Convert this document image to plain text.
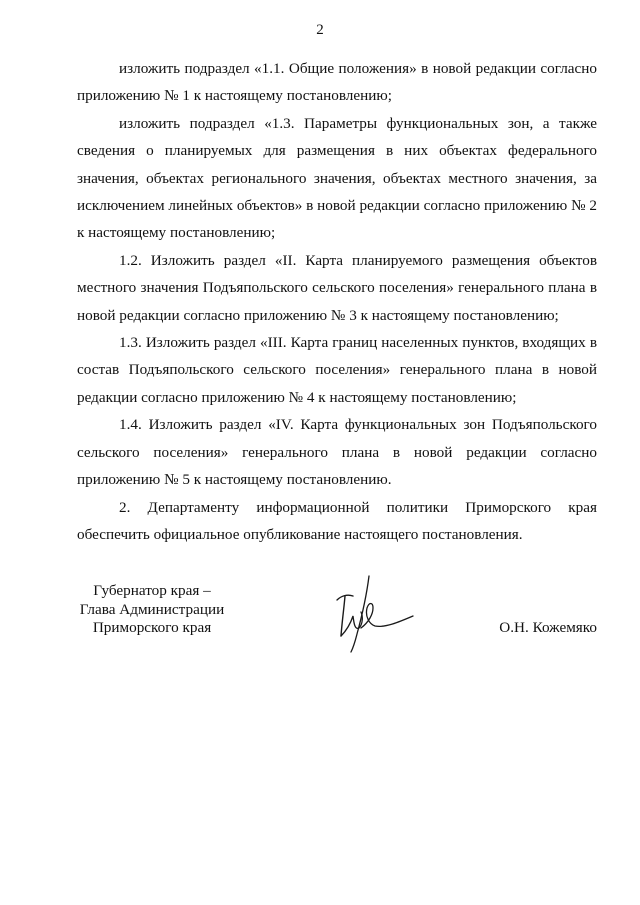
2

изложить подраздел «1.1. Общие положения» в новой редакции согласно приложению № 1 к настоящему постановлению;

изложить подраздел «1.3. Параметры функциональных зон, а также сведения о планируемых для размещения в них объектах федерального значения, объектах регионального значения, объектах местного значения, за исключением линейных объектов» в новой редакции согласно приложению № 2 к настоящему постановлению;

1.2. Изложить раздел «II. Карта планируемого размещения объектов местного значения Подъяпольского сельского поселения» генерального плана в новой редакции согласно приложению № 3 к настоящему постановлению;

1.3. Изложить раздел «III. Карта границ населенных пунктов, входящих в состав Подъяпольского сельского поселения» генерального плана в новой редакции согласно приложению № 4 к настоящему постановлению;

1.4. Изложить раздел «IV. Карта функциональных зон Подъяпольского сельского поселения» генерального плана в новой редакции согласно приложению № 5 к настоящему постановлению.

2. Департаменту информационной политики Приморского края обеспечить официальное опубликование настоящего постановления.

Губернатор края –
Глава Администрации
Приморского края	О.Н. Кожемяко
